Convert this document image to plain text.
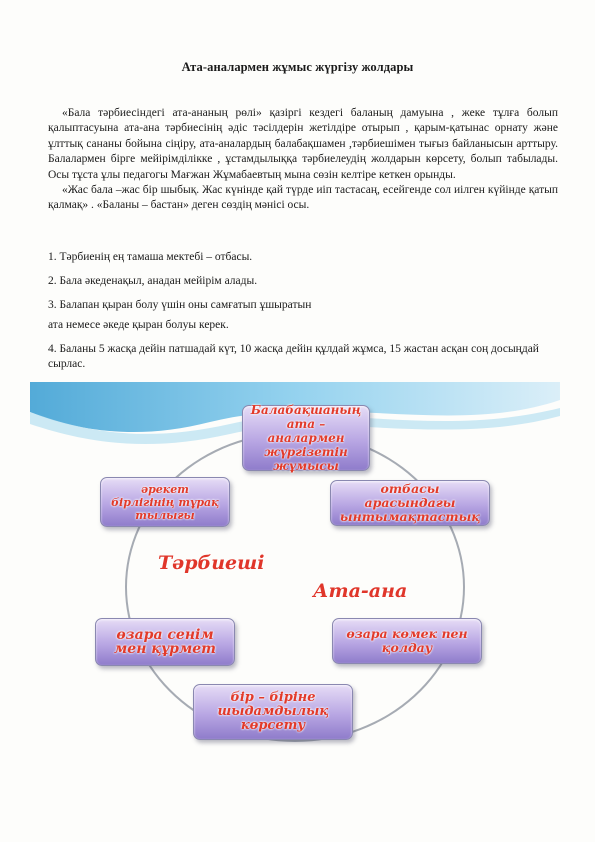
Ата-аналармен жұмыс жүргізу жолдары

«Бала тәрбиесіндегі ата-ананың рөлі» қазіргі кездегі баланың дамуына , жеке тұлға болып қалыптасуына ата-ана тәрбиесінің әдіс тәсілдерін жетілдіре отырып , қарым-қатынас орнату және ұлттық сананы бойына сіңіру, ата-аналардың балабақшамен ,тәрбиешімен тығыз байланысын арттыру. Балалармен бірге мейірімділікке , ұстамдылыққа тәрбиелеудің жолдарын көрсету, болып табылады. Осы тұста ұлы педагогы Мағжан Жұмабаевтың мына сөзін келтіре кеткен орынды.

«Жас бала –жас бір шыбық. Жас күнінде қай түрде иіп тастасаң, есейгенде сол иілген күйінде қатып қалмақ» . «Баланы – бастан» деген сөздің мәнісі осы.

1. Тәрбиенің ең тамаша мектебі – отбасы.

2. Бала әкеденақыл, анадан мейірім алады.

3. Балапан қыран болу үшін оны самғатып ұшыратын

ата немесе әкеде қыран болуы керек.

4. Баланы 5 жасқа дейін патшадай күт, 10 жасқа дейін құлдай жұмса, 15 жастан асқан соң досыңдай сырлас.

Балабақшаның
ата – аналармен
жүргізетін
жұмысы
отбасы арасындағы
ынтымақтастық
өзара көмек пен
қолдау
бір – біріне
шыдамдылық
көрсету
өзара сенім
мен құрмет
әрекет
бірлігінің тұрақ
тылығы
Тәрбиеші
Ата-ана
